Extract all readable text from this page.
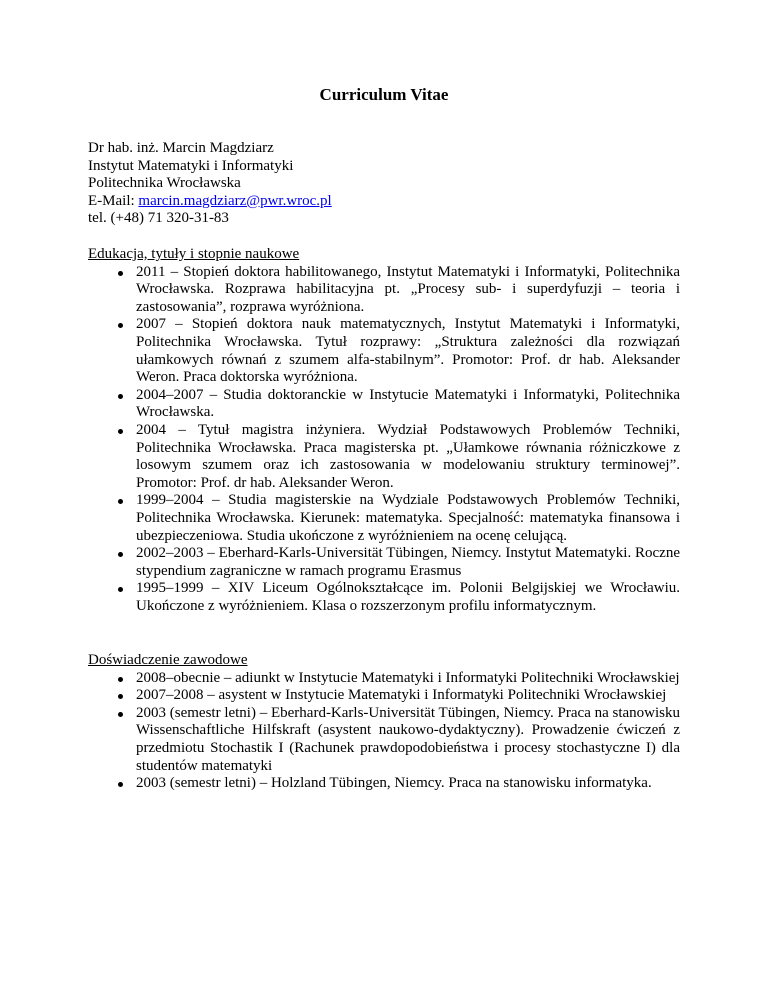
Curriculum Vitae
Dr hab. inż. Marcin Magdziarz
Instytut Matematyki i Informatyki
Politechnika Wrocławska
E-Mail: marcin.magdziarz@pwr.wroc.pl
tel. (+48) 71 320-31-83
Edukacja, tytuły i stopnie naukowe
2011 – Stopień doktora habilitowanego, Instytut Matematyki i Informatyki, Politechnika Wrocławska. Rozprawa habilitacyjna pt. „Procesy sub- i superdyfuzji – teoria i zastosowania”, rozprawa wyróżniona.
2007 – Stopień doktora nauk matematycznych, Instytut Matematyki i Informatyki, Politechnika Wrocławska. Tytuł rozprawy: „Struktura zależności dla rozwiązań ułamkowych równań z szumem alfa-stabilnym”. Promotor: Prof. dr hab. Aleksander Weron. Praca doktorska wyróżniona.
2004–2007 – Studia doktoranckie w Instytucie Matematyki i Informatyki, Politechnika Wrocławska.
2004 – Tytuł magistra inżyniera. Wydział Podstawowych Problemów Techniki, Politechnika Wrocławska. Praca magisterska pt. „Ułamkowe równania różniczkowe z losowym szumem oraz ich zastosowania w modelowaniu struktury terminowej”. Promotor: Prof. dr hab. Aleksander Weron.
1999–2004 – Studia magisterskie na Wydziale Podstawowych Problemów Techniki, Politechnika Wrocławska. Kierunek: matematyka. Specjalność: matematyka finansowa i ubezpieczeniowa. Studia ukończone z wyróżnieniem na ocenę celującą.
2002–2003 – Eberhard-Karls-Universität Tübingen, Niemcy. Instytut Matematyki. Roczne stypendium zagraniczne w ramach programu Erasmus
1995–1999 – XIV Liceum Ogólnokształcące im. Polonii Belgijskiej we Wrocławiu. Ukończone z wyróżnieniem. Klasa o rozszerzonym profilu informatycznym.
Doświadczenie zawodowe
2008–obecnie – adiunkt w Instytucie Matematyki i Informatyki Politechniki Wrocławskiej
2007–2008 – asystent w Instytucie Matematyki i Informatyki Politechniki Wrocławskiej
2003 (semestr letni) – Eberhard-Karls-Universität Tübingen, Niemcy. Praca na stanowisku Wissenschaftliche Hilfskraft (asystent naukowo-dydaktyczny). Prowadzenie ćwiczeń z przedmiotu Stochastik I (Rachunek prawdopodobieństwa i procesy stochastyczne I) dla studentów matematyki
2003 (semestr letni) – Holzland Tübingen, Niemcy. Praca na stanowisku informatyka.
